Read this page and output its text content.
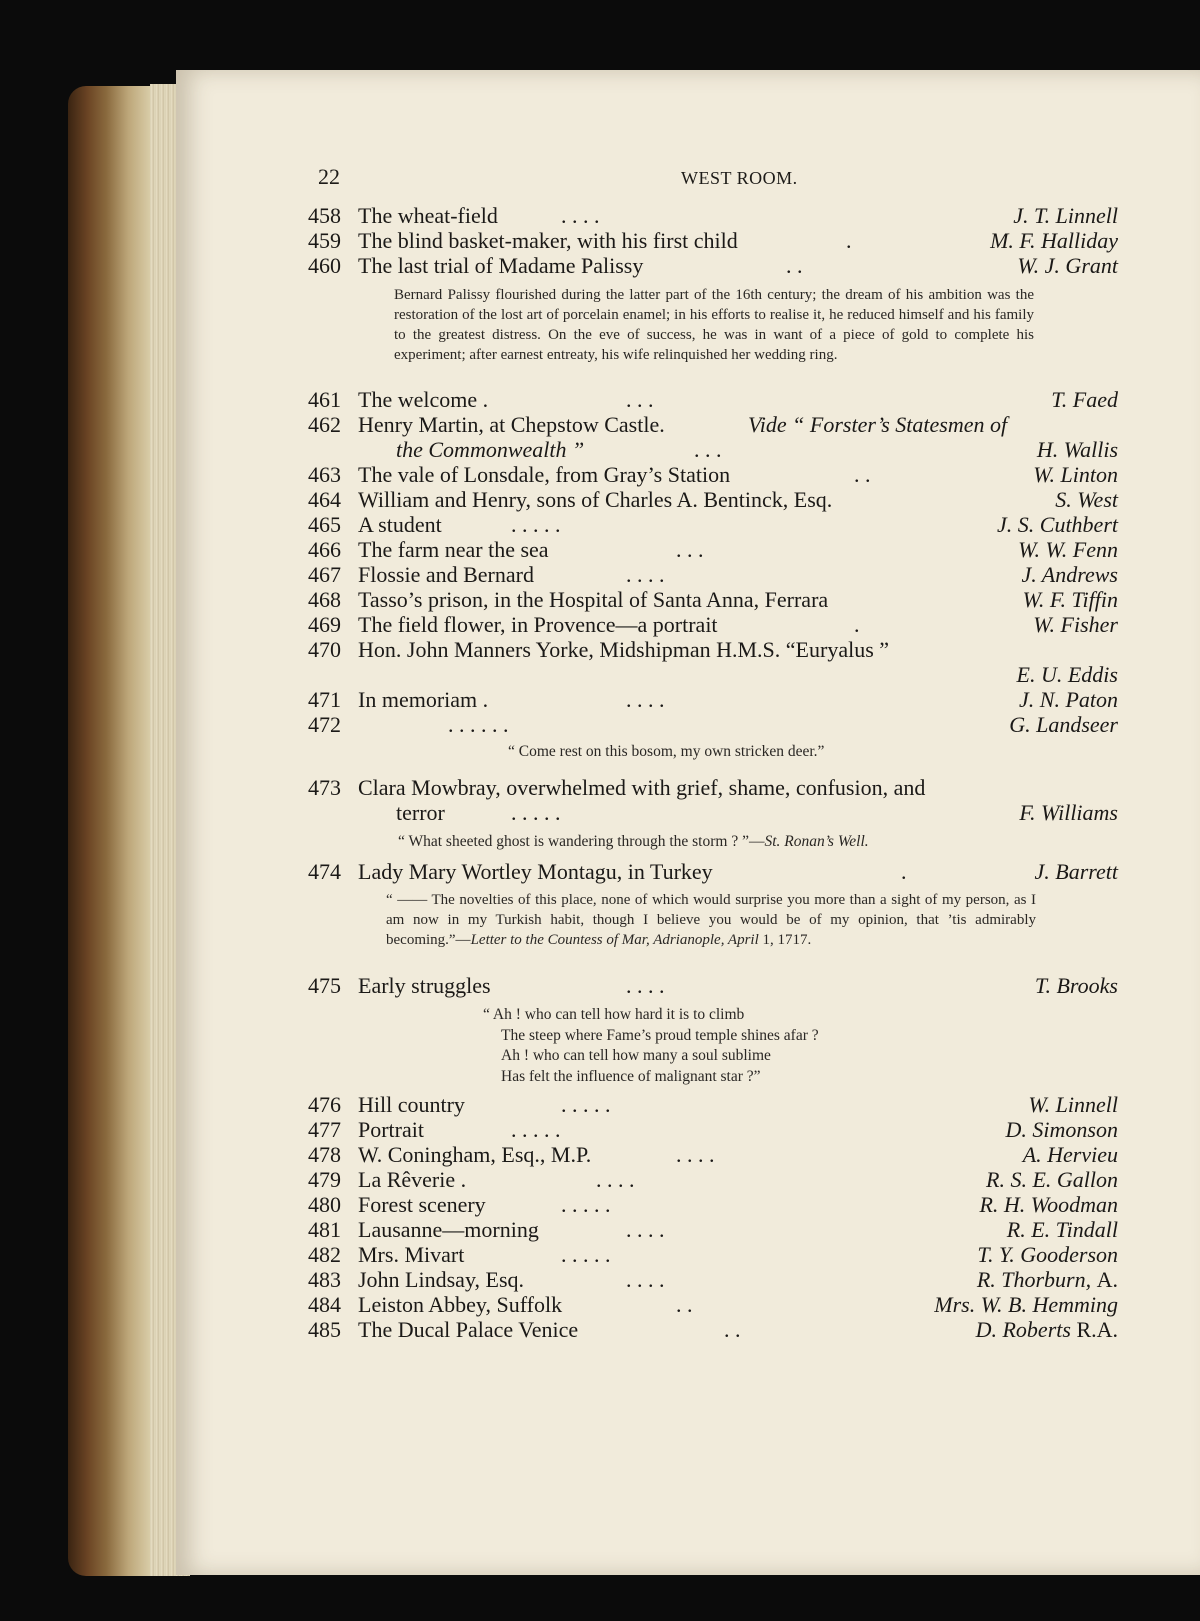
22	WEST ROOM.
458 The wheat-field	. . . .	J. T. Linnell
459 The blind basket-maker, with his first child	.	M. F. Halliday
460 The last trial of Madame Palissy	. .	W. J. Grant
Bernard Palissy flourished during the latter part of the 16th century; the dream of his ambition was the restoration of the lost art of porcelain enamel; in his efforts to realise it, he reduced himself and his family to the greatest distress. On the eve of success, he was in want of a piece of gold to complete his experiment; after earnest entreaty, his wife relinquished her wedding ring.
461 The welcome .	. . .	T. Faed
462 Henry Martin, at Chepstow Castle.	Vide “ Forster’s Statesmen of
the Commonwealth ”	. . .	H. Wallis
463 The vale of Lonsdale, from Gray’s Station	. .	W. Linton
464 William and Henry, sons of Charles A. Bentinck, Esq.	S. West
465 A student	. . . . .	J. S. Cuthbert
466 The farm near the sea	. . .	W. W. Fenn
467 Flossie and Bernard	. . . .	J. Andrews
468 Tasso’s prison, in the Hospital of Santa Anna, Ferrara	W. F. Tiffin
469 The field flower, in Provence—a portrait	.	W. Fisher
470 Hon. John Manners Yorke, Midshipman H.M.S. “Euryalus ”
E. U. Eddis
471 In memoriam .	. . . .	J. N. Paton
472	. . . . . .	G. Landseer
“ Come rest on this bosom, my own stricken deer.”
473 Clara Mowbray, overwhelmed with grief, shame, confusion, and
terror	. . . . .	F. Williams
“ What sheeted ghost is wandering through the storm ? ”—St. Ronan’s Well.
474 Lady Mary Wortley Montagu, in Turkey	.	J. Barrett
“ —— The novelties of this place, none of which would surprise you more than a sight of my person, as I am now in my Turkish habit, though I believe you would be of my opinion, that ’tis admirably becoming.”—Letter to the Countess of Mar, Adrianople, April 1, 1717.
475 Early struggles	. . . .	T. Brooks
“ Ah ! who can tell how hard it is to climb
The steep where Fame’s proud temple shines afar ?
Ah ! who can tell how many a soul sublime
Has felt the influence of malignant star ?”
476 Hill country	. . . . .	W. Linnell
477 Portrait	. . . . .	D. Simonson
478 W. Coningham, Esq., M.P.	. . . .	A. Hervieu
479 La Rêverie .	. . . .	R. S. E. Gallon
480 Forest scenery	. . . . .	R. H. Woodman
481 Lausanne—morning	. . . .	R. E. Tindall
482 Mrs. Mivart	. . . . .	T. Y. Gooderson
483 John Lindsay, Esq.	. . . .	R. Thorburn, A.
484 Leiston Abbey, Suffolk	. .	Mrs. W. B. Hemming
485 The Ducal Palace Venice	. .	D. Roberts R.A.
